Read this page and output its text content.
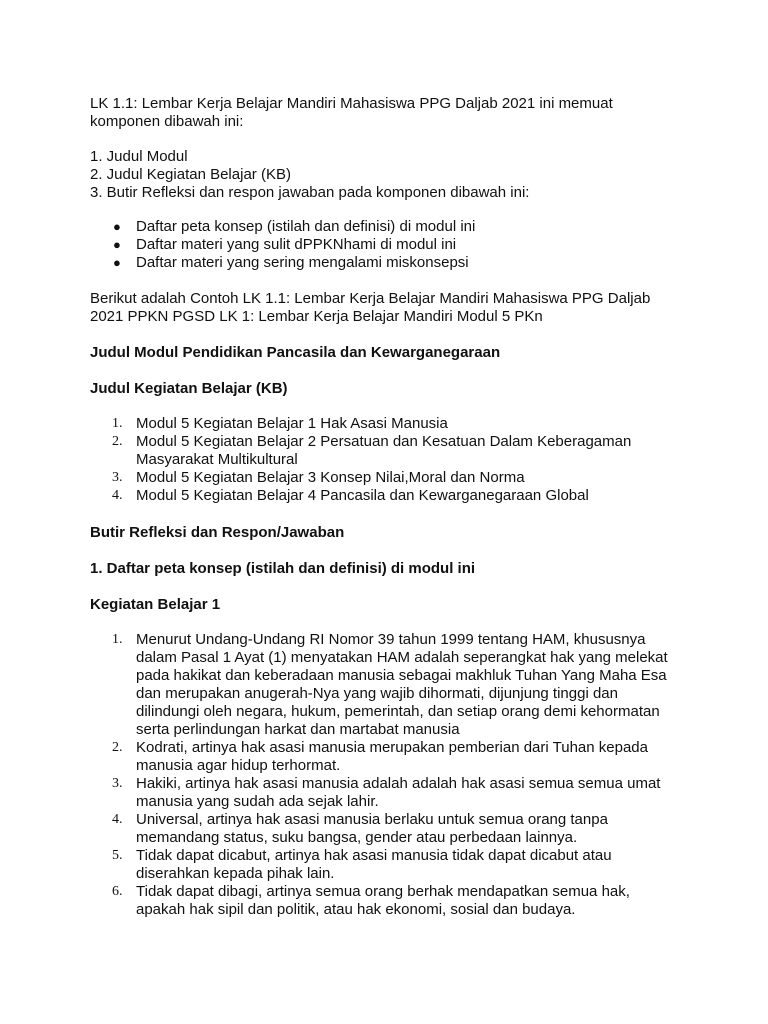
LK 1.1: Lembar Kerja Belajar Mandiri Mahasiswa PPG Daljab 2021 ini memuat
komponen dibawah ini:
1. Judul Modul
2. Judul Kegiatan Belajar (KB)
3. Butir Refleksi dan respon jawaban pada komponen dibawah ini:
● Daftar peta konsep (istilah dan definisi) di modul ini
● Daftar materi yang sulit dPPKNhami di modul ini
● Daftar materi yang sering mengalami miskonsepsi
Berikut adalah Contoh LK 1.1: Lembar Kerja Belajar Mandiri Mahasiswa PPG Daljab
2021 PPKN PGSD LK 1: Lembar Kerja Belajar Mandiri Modul 5 PKn
Judul Modul Pendidikan Pancasila dan Kewarganegaraan
Judul Kegiatan Belajar (KB)
1. Modul 5 Kegiatan Belajar 1 Hak Asasi Manusia
2. Modul 5 Kegiatan Belajar 2 Persatuan dan Kesatuan Dalam Keberagaman
Masyarakat Multikultural
3. Modul 5 Kegiatan Belajar 3 Konsep Nilai,Moral dan Norma
4. Modul 5 Kegiatan Belajar 4 Pancasila dan Kewarganegaraan Global
Butir Refleksi dan Respon/Jawaban
1. Daftar peta konsep (istilah dan definisi) di modul ini
Kegiatan Belajar 1
1. Menurut Undang-Undang RI Nomor 39 tahun 1999 tentang HAM, khususnya
dalam Pasal 1 Ayat (1) menyatakan HAM adalah seperangkat hak yang melekat
pada hakikat dan keberadaan manusia sebagai makhluk Tuhan Yang Maha Esa
dan merupakan anugerah-Nya yang wajib dihormati, dijunjung tinggi dan
dilindungi oleh negara, hukum, pemerintah, dan setiap orang demi kehormatan
serta perlindungan harkat dan martabat manusia
2. Kodrati, artinya hak asasi manusia merupakan pemberian dari Tuhan kepada
manusia agar hidup terhormat.
3. Hakiki, artinya hak asasi manusia adalah adalah hak asasi semua semua umat
manusia yang sudah ada sejak lahir.
4. Universal, artinya hak asasi manusia berlaku untuk semua orang tanpa
memandang status, suku bangsa, gender atau perbedaan lainnya.
5. Tidak dapat dicabut, artinya hak asasi manusia tidak dapat dicabut atau
diserahkan kepada pihak lain.
6. Tidak dapat dibagi, artinya semua orang berhak mendapatkan semua hak,
apakah hak sipil dan politik, atau hak ekonomi, sosial dan budaya.
